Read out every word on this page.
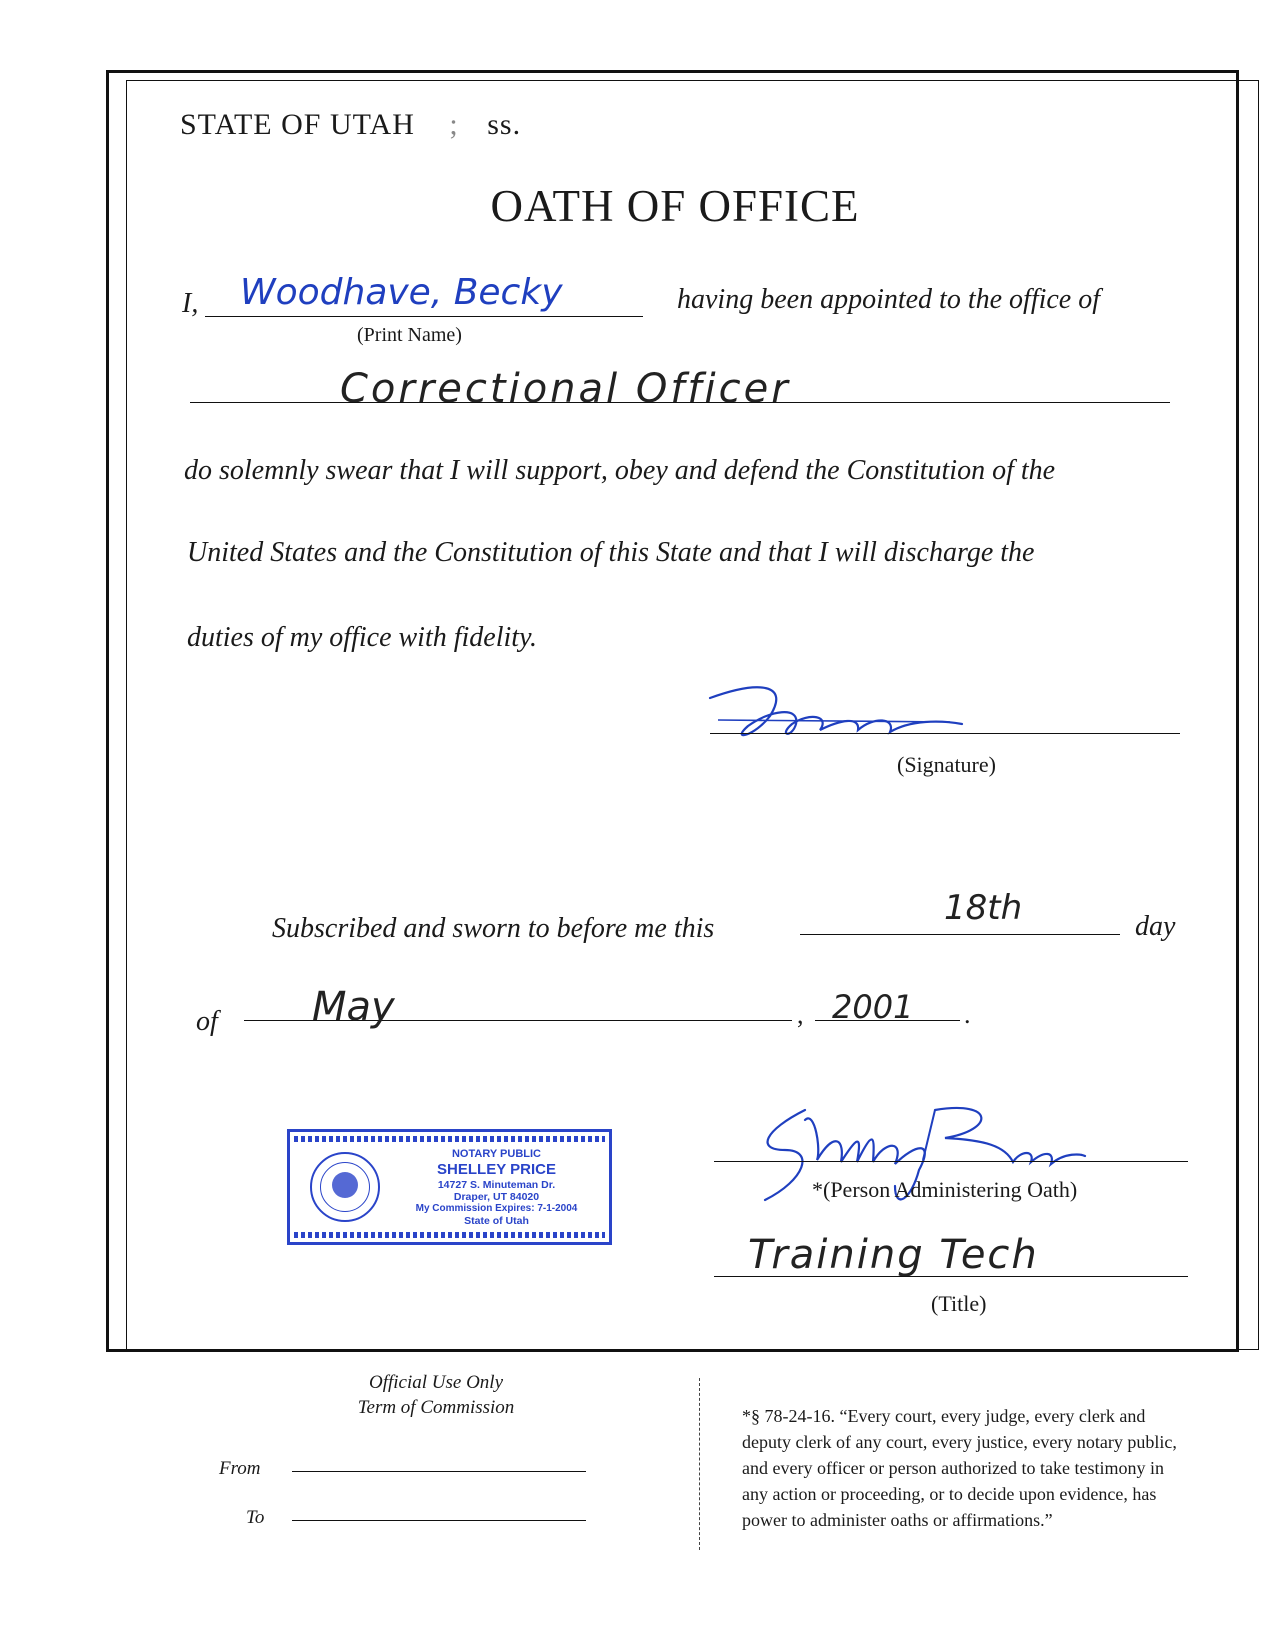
STATE OF UTAH ; ss.
OATH OF OFFICE
I, Woodhave, Becky
(Print Name)
having been appointed to the office of
Correctional Officer
do solemnly swear that I will support, obey and defend the Constitution of the
United States and the Constitution of this State and that I will discharge the
duties of my office with fidelity.
(Signature)
Subscribed and sworn to before me this
18th	day
of May	, 2001 .
NOTARY PUBLIC
SHELLEY PRICE
14727 S. Minuteman Dr.
Draper, UT 84020
My Commission Expires: 7-1-2004
State of Utah
*(Person Administering Oath)
Training Tech
(Title)
Official Use Only
Term of Commission
From
To
*§ 78-24-16. “Every court, every judge, every clerk and
deputy clerk of any court, every justice, every notary public,
and every officer or person authorized to take testimony in
any action or proceeding, or to decide upon evidence, has
power to administer oaths or affirmations.”
